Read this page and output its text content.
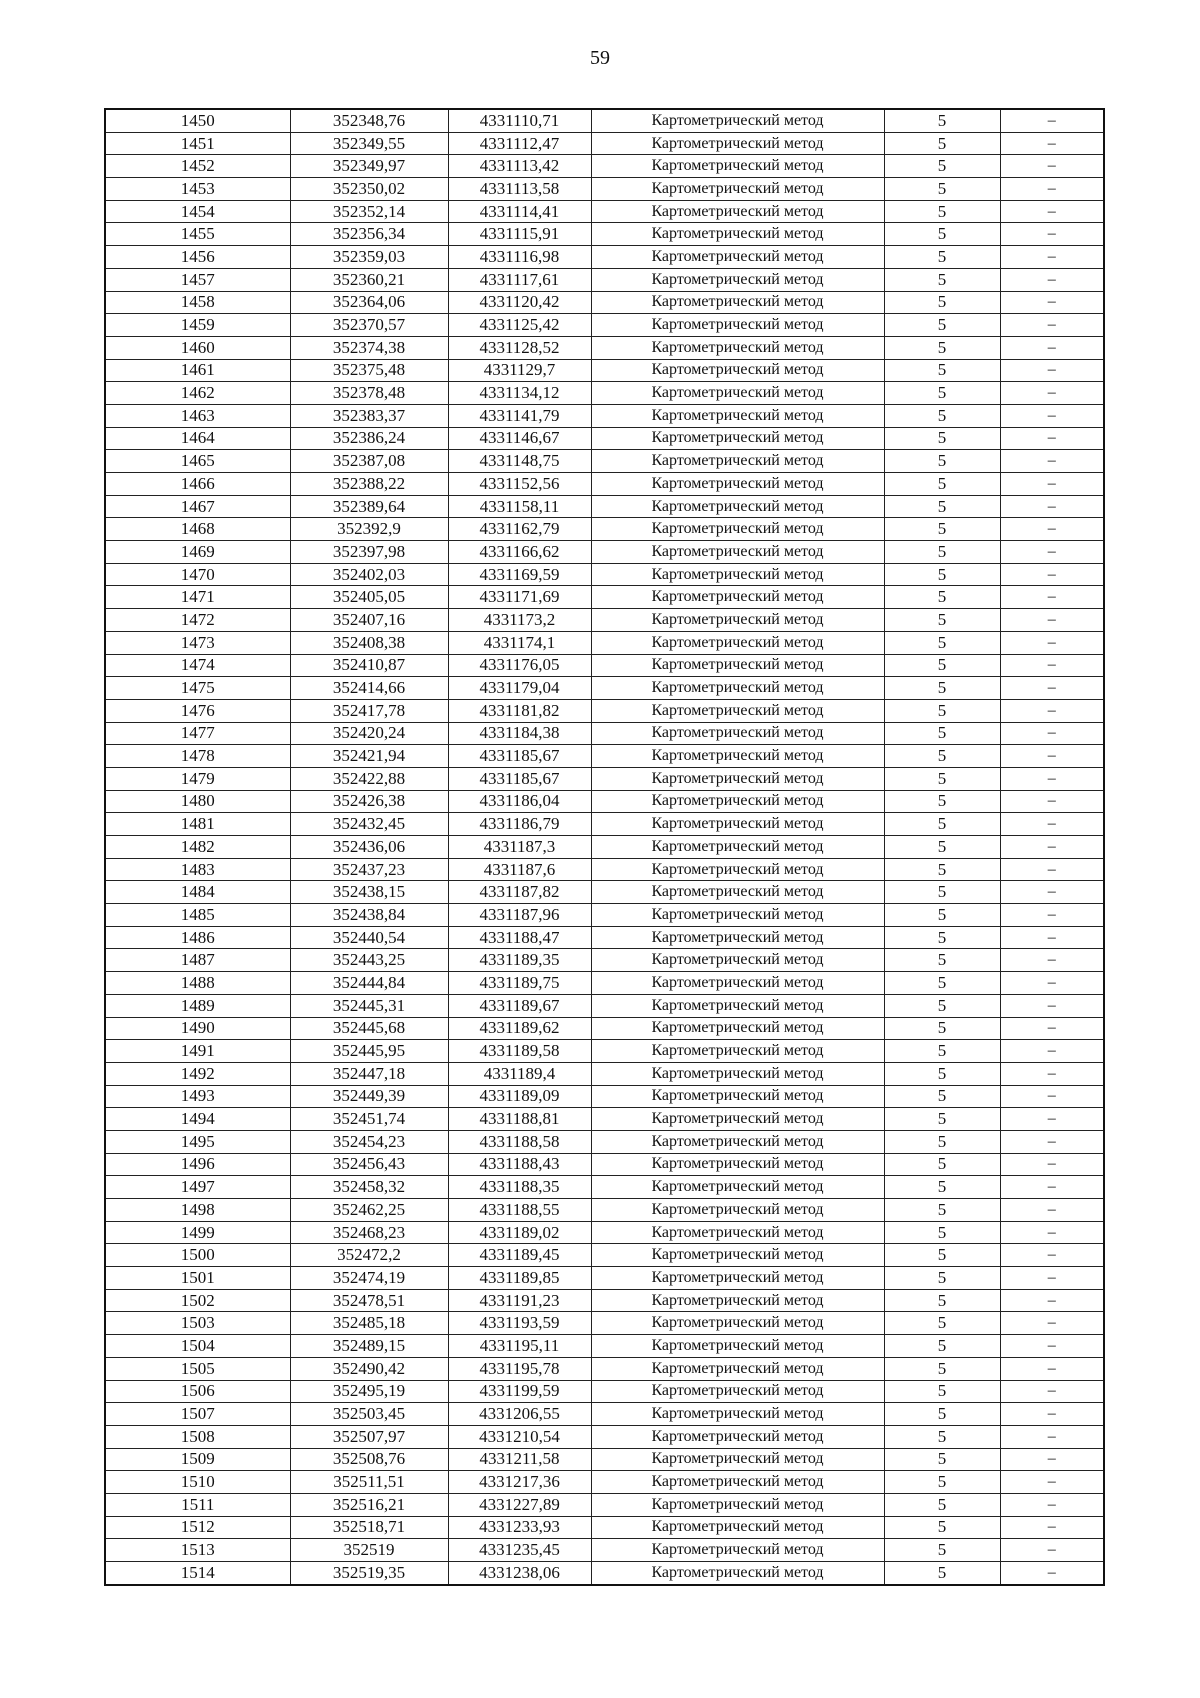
59
1450	352348,76	4331110,71	Картометрический метод	5	–
1451	352349,55	4331112,47	Картометрический метод	5	–
1452	352349,97	4331113,42	Картометрический метод	5	–
1453	352350,02	4331113,58	Картометрический метод	5	–
1454	352352,14	4331114,41	Картометрический метод	5	–
1455	352356,34	4331115,91	Картометрический метод	5	–
1456	352359,03	4331116,98	Картометрический метод	5	–
1457	352360,21	4331117,61	Картометрический метод	5	–
1458	352364,06	4331120,42	Картометрический метод	5	–
1459	352370,57	4331125,42	Картометрический метод	5	–
1460	352374,38	4331128,52	Картометрический метод	5	–
1461	352375,48	4331129,7	Картометрический метод	5	–
1462	352378,48	4331134,12	Картометрический метод	5	–
1463	352383,37	4331141,79	Картометрический метод	5	–
1464	352386,24	4331146,67	Картометрический метод	5	–
1465	352387,08	4331148,75	Картометрический метод	5	–
1466	352388,22	4331152,56	Картометрический метод	5	–
1467	352389,64	4331158,11	Картометрический метод	5	–
1468	352392,9	4331162,79	Картометрический метод	5	–
1469	352397,98	4331166,62	Картометрический метод	5	–
1470	352402,03	4331169,59	Картометрический метод	5	–
1471	352405,05	4331171,69	Картометрический метод	5	–
1472	352407,16	4331173,2	Картометрический метод	5	–
1473	352408,38	4331174,1	Картометрический метод	5	–
1474	352410,87	4331176,05	Картометрический метод	5	–
1475	352414,66	4331179,04	Картометрический метод	5	–
1476	352417,78	4331181,82	Картометрический метод	5	–
1477	352420,24	4331184,38	Картометрический метод	5	–
1478	352421,94	4331185,67	Картометрический метод	5	–
1479	352422,88	4331185,67	Картометрический метод	5	–
1480	352426,38	4331186,04	Картометрический метод	5	–
1481	352432,45	4331186,79	Картометрический метод	5	–
1482	352436,06	4331187,3	Картометрический метод	5	–
1483	352437,23	4331187,6	Картометрический метод	5	–
1484	352438,15	4331187,82	Картометрический метод	5	–
1485	352438,84	4331187,96	Картометрический метод	5	–
1486	352440,54	4331188,47	Картометрический метод	5	–
1487	352443,25	4331189,35	Картометрический метод	5	–
1488	352444,84	4331189,75	Картометрический метод	5	–
1489	352445,31	4331189,67	Картометрический метод	5	–
1490	352445,68	4331189,62	Картометрический метод	5	–
1491	352445,95	4331189,58	Картометрический метод	5	–
1492	352447,18	4331189,4	Картометрический метод	5	–
1493	352449,39	4331189,09	Картометрический метод	5	–
1494	352451,74	4331188,81	Картометрический метод	5	–
1495	352454,23	4331188,58	Картометрический метод	5	–
1496	352456,43	4331188,43	Картометрический метод	5	–
1497	352458,32	4331188,35	Картометрический метод	5	–
1498	352462,25	4331188,55	Картометрический метод	5	–
1499	352468,23	4331189,02	Картометрический метод	5	–
1500	352472,2	4331189,45	Картометрический метод	5	–
1501	352474,19	4331189,85	Картометрический метод	5	–
1502	352478,51	4331191,23	Картометрический метод	5	–
1503	352485,18	4331193,59	Картометрический метод	5	–
1504	352489,15	4331195,11	Картометрический метод	5	–
1505	352490,42	4331195,78	Картометрический метод	5	–
1506	352495,19	4331199,59	Картометрический метод	5	–
1507	352503,45	4331206,55	Картометрический метод	5	–
1508	352507,97	4331210,54	Картометрический метод	5	–
1509	352508,76	4331211,58	Картометрический метод	5	–
1510	352511,51	4331217,36	Картометрический метод	5	–
1511	352516,21	4331227,89	Картометрический метод	5	–
1512	352518,71	4331233,93	Картометрический метод	5	–
1513	352519	4331235,45	Картометрический метод	5	–
1514	352519,35	4331238,06	Картометрический метод	5	–
